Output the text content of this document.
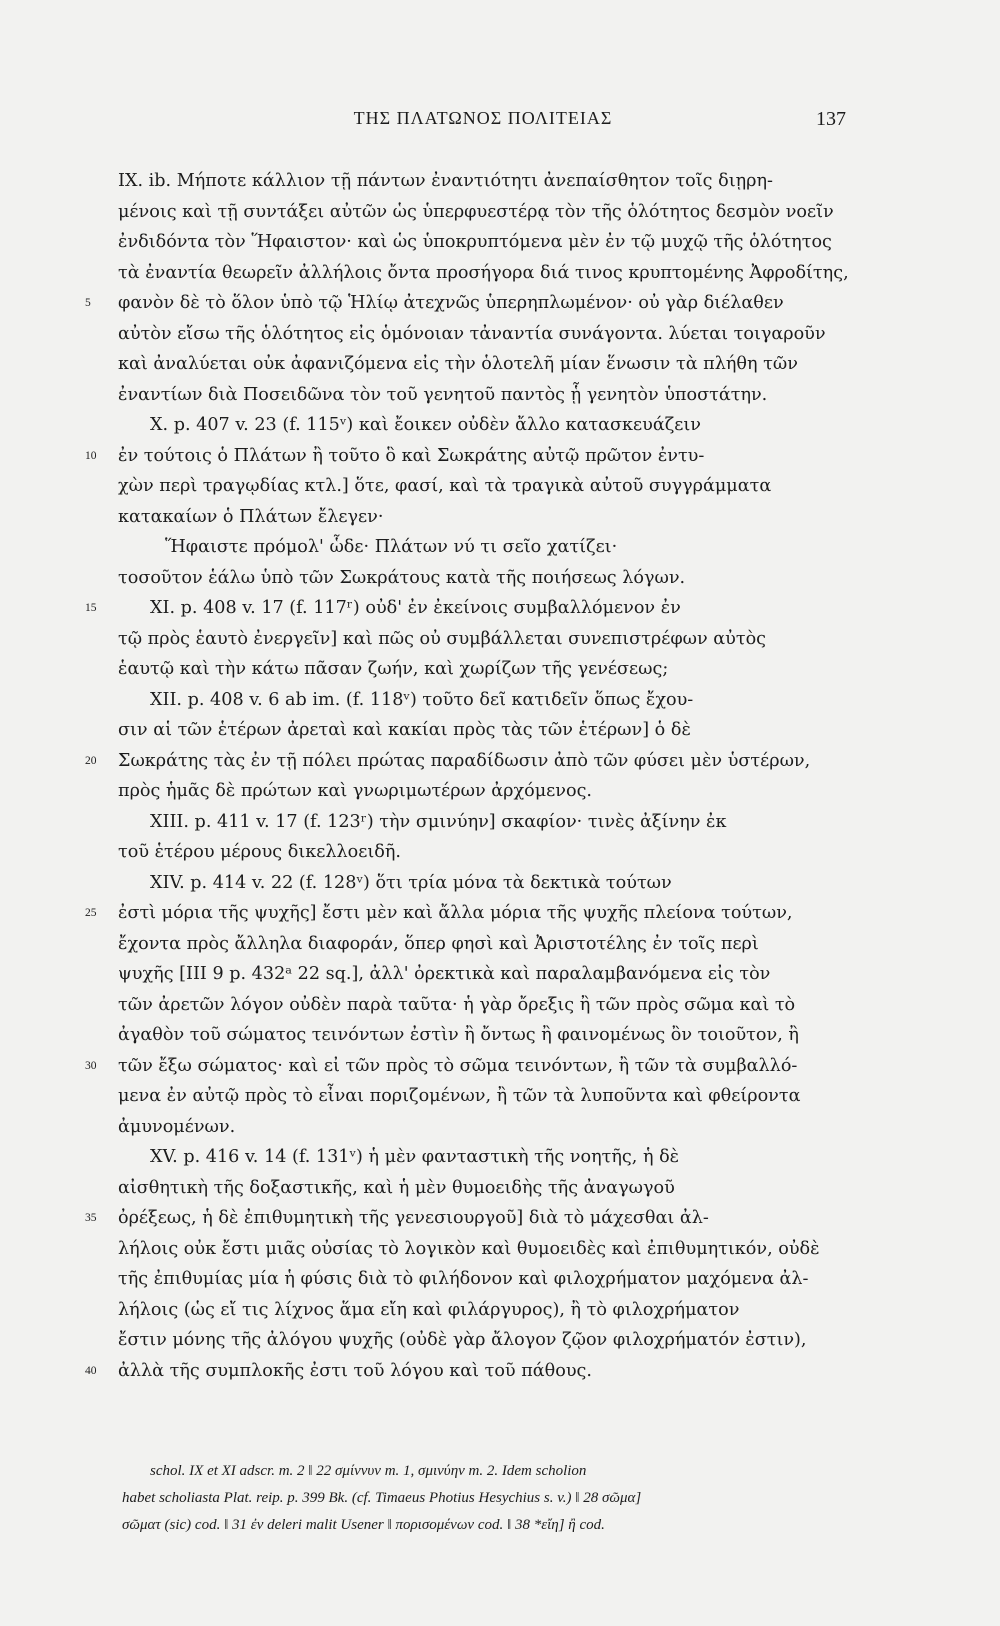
ΤΗΣ ΠΛΑΤΩΝΟΣ ΠΟΛΙΤΕΙΑΣ	137
IX. ib. Μήποτε κάλλιον τῇ πάντων ἐναντιότητι ἀνεπαίσθητον τοῖς διῃρη-
μένοις καὶ τῇ συντάξει αὐτῶν ὡς ὑπερφυεστέρᾳ τὸν τῆς ὁλότητος δεσμὸν νοεῖν
ἐνδιδόντα τὸν Ἥφαιστον· καὶ ὡς ὑποκρυπτόμενα μὲν ἐν τῷ μυχῷ τῆς ὁλότητος
τὰ ἐναντία θεωρεῖν ἀλλήλοις ὄντα προσήγορα διά τινος κρυπτομένης Ἀφροδίτης,
5	φανὸν δὲ τὸ ὅλον ὑπὸ τῷ Ἡλίῳ ἀτεχνῶς ὑπερηπλωμένον· οὐ γὰρ διέλαθεν
αὐτὸν εἴσω τῆς ὁλότητος εἰς ὁμόνοιαν τἀναντία συνάγοντα. λύεται τοιγαροῦν
καὶ ἀναλύεται οὐκ ἀφανιζόμενα εἰς τὴν ὁλοτελῆ μίαν ἕνωσιν τὰ πλήθη τῶν
ἐναντίων διὰ Ποσειδῶνα τὸν τοῦ γενητοῦ παντὸς ᾗ γενητὸν ὑποστάτην.
X. p. 407 v. 23 (f. 115ᵛ) καὶ ἔοικεν οὐδὲν ἄλλο κατασκευάζειν
10	ἐν τούτοις ὁ Πλάτων ἢ τοῦτο ὃ καὶ Σωκράτης αὐτῷ πρῶτον ἐντυ-
χὼν περὶ τραγῳδίας κτλ.] ὅτε, φασί, καὶ τὰ τραγικὰ αὐτοῦ συγγράμματα
κατακαίων ὁ Πλάτων ἔλεγεν·
Ἥφαιστε πρόμολ' ὧδε· Πλάτων νύ τι σεῖο χατίζει·
τοσοῦτον ἑάλω ὑπὸ τῶν Σωκράτους κατὰ τῆς ποιήσεως λόγων.
15	XI. p. 408 v. 17 (f. 117ʳ) οὐδ' ἐν ἐκείνοις συμβαλλόμενον ἐν
τῷ πρὸς ἑαυτὸ ἐνεργεῖν] καὶ πῶς οὐ συμβάλλεται συνεπιστρέφων αὐτὸς
ἑαυτῷ καὶ τὴν κάτω πᾶσαν ζωήν, καὶ χωρίζων τῆς γενέσεως;
XII. p. 408 v. 6 ab im. (f. 118ᵛ) τοῦτο δεῖ κατιδεῖν ὅπως ἔχου-
σιν αἱ τῶν ἑτέρων ἀρεταὶ καὶ κακίαι πρὸς τὰς τῶν ἑτέρων] ὁ δὲ
20	Σωκράτης τὰς ἐν τῇ πόλει πρώτας παραδίδωσιν ἀπὸ τῶν φύσει μὲν ὑστέρων,
πρὸς ἡμᾶς δὲ πρώτων καὶ γνωριμωτέρων ἀρχόμενος.
XIII. p. 411 v. 17 (f. 123ʳ) τὴν σμινύην] σκαφίον· τινὲς ἀξίνην ἐκ
τοῦ ἑτέρου μέρους δικελλοειδῆ.
XIV. p. 414 v. 22 (f. 128ᵛ) ὅτι τρία μόνα τὰ δεκτικὰ τούτων
25	ἐστὶ μόρια τῆς ψυχῆς] ἔστι μὲν καὶ ἄλλα μόρια τῆς ψυχῆς πλείονα τούτων,
ἔχοντα πρὸς ἄλληλα διαφοράν, ὅπερ φησὶ καὶ Ἀριστοτέλης ἐν τοῖς περὶ
ψυχῆς [III 9 p. 432ᵃ 22 sq.], ἀλλ' ὀρεκτικὰ καὶ παραλαμβανόμενα εἰς τὸν
τῶν ἀρετῶν λόγον οὐδὲν παρὰ ταῦτα· ἡ γὰρ ὄρεξις ἢ τῶν πρὸς σῶμα καὶ τὸ
ἀγαθὸν τοῦ σώματος τεινόντων ἐστὶν ἢ ὄντως ἢ φαινομένως ὂν τοιοῦτον, ἢ
30	τῶν ἔξω σώματος· καὶ εἰ τῶν πρὸς τὸ σῶμα τεινόντων, ἢ τῶν τὰ συμβαλλό-
μενα ἐν αὐτῷ πρὸς τὸ εἶναι ποριζομένων, ἢ τῶν τὰ λυποῦντα καὶ φθείροντα
ἀμυνομένων.
XV. p. 416 v. 14 (f. 131ᵛ) ἡ μὲν φανταστικὴ τῆς νοητῆς, ἡ δὲ
αἰσθητικὴ τῆς δοξαστικῆς, καὶ ἡ μὲν θυμοειδὴς τῆς ἀναγωγοῦ
35	ὀρέξεως, ἡ δὲ ἐπιθυμητικὴ τῆς γενεσιουργοῦ] διὰ τὸ μάχεσθαι ἀλ-
λήλοις οὐκ ἔστι μιᾶς οὐσίας τὸ λογικὸν καὶ θυμοειδὲς καὶ ἐπιθυμητικόν, οὐδὲ
τῆς ἐπιθυμίας μία ἡ φύσις διὰ τὸ φιλήδονον καὶ φιλοχρήματον μαχόμενα ἀλ-
λήλοις (ὡς εἴ τις λίχνος ἅμα εἴη καὶ φιλάργυρος), ἢ τὸ φιλοχρήματον
ἔστιν μόνης τῆς ἀλόγου ψυχῆς (οὐδὲ γὰρ ἄλογον ζῷον φιλοχρήματόν ἐστιν),
40	ἀλλὰ τῆς συμπλοκῆς ἐστι τοῦ λόγου καὶ τοῦ πάθους.
schol. IX et XI adscr. m. 2 ‖ 22 σμίννυν m. 1, σμινύην m. 2. Idem scholion
habet scholiasta Plat. reip. p. 399 Bk. (cf. Timaeus Photius Hesychius s. v.) ‖ 28 σῶμα]
σῶματ (sic) cod. ‖ 31 ἐν deleri malit Usener ‖ πορισομένων cod. ‖ 38 *εἴη] ἢ cod.
